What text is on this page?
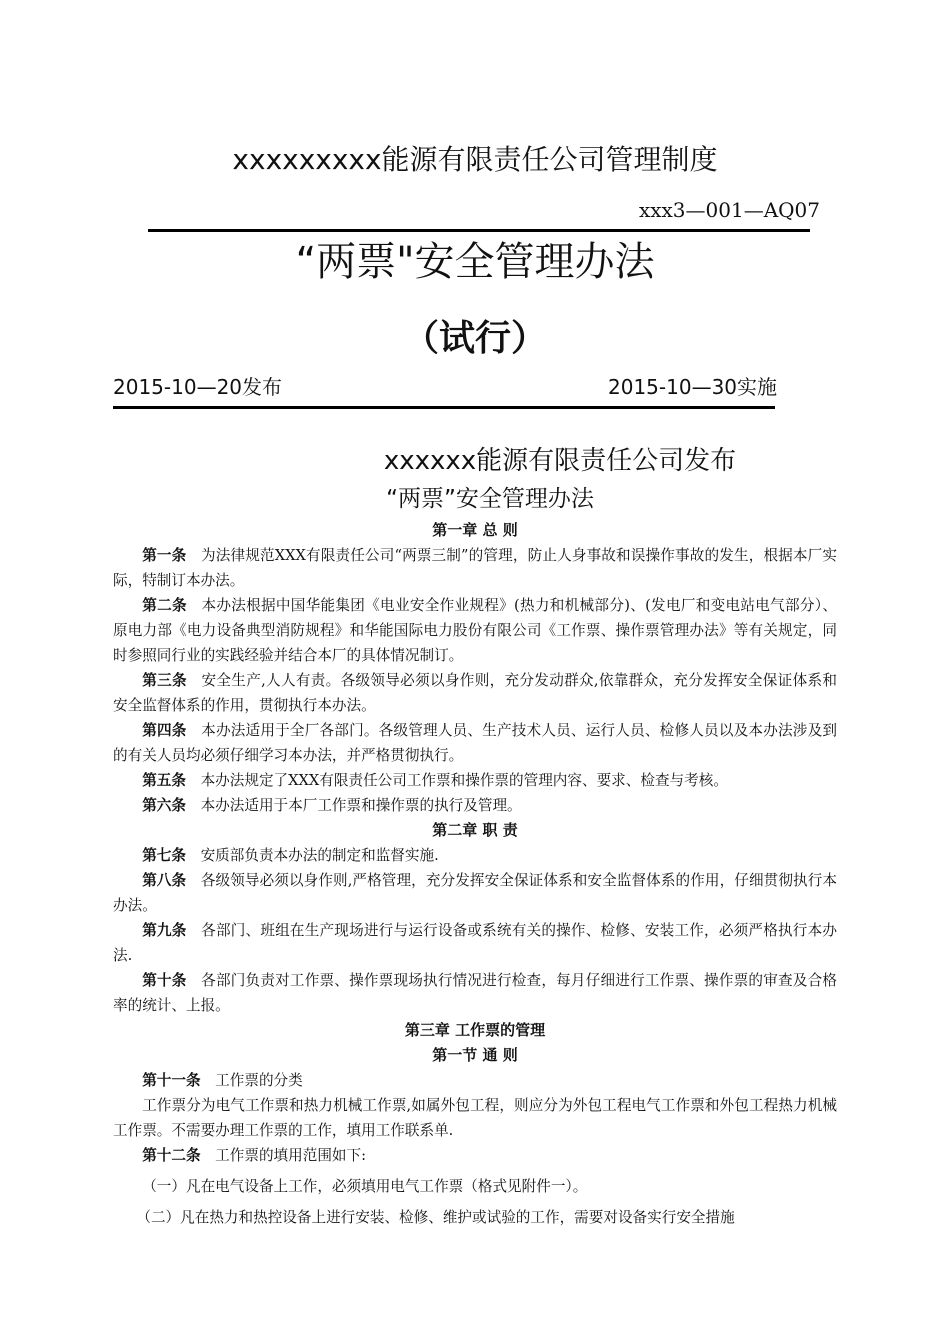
xxxxxxxxx能源有限责任公司管理制度
xxx3—001—AQ07
“两票"安全管理办法
（试行）
2015-10—20发布	2015-10—30实施
xxxxxx能源有限责任公司发布
“两票”安全管理办法
第一章 总 则

第一条 为法律规范XXX有限责任公司“两票三制”的管理，防止人身事故和误操作事故的发生，根据本厂实际，特制订本办法。

第二条 本办法根据中国华能集团《电业安全作业规程》(热力和机械部分)、(发电厂和变电站电气部分）、原电力部《电力设备典型消防规程》和华能国际电力股份有限公司《工作票、操作票管理办法》等有关规定，同时参照同行业的实践经验并结合本厂的具体情况制订。

第三条 安全生产,人人有责。各级领导必须以身作则，充分发动群众,依靠群众，充分发挥安全保证体系和安全监督体系的作用，贯彻执行本办法。

第四条 本办法适用于全厂各部门。各级管理人员、生产技术人员、运行人员、检修人员以及本办法涉及到的有关人员均必须仔细学习本办法，并严格贯彻执行。

第五条 本办法规定了XXX有限责任公司工作票和操作票的管理内容、要求、检查与考核。

第六条 本办法适用于本厂工作票和操作票的执行及管理。

第二章 职 责

第七条 安质部负责本办法的制定和监督实施.

第八条 各级领导必须以身作则,严格管理，充分发挥安全保证体系和安全监督体系的作用，仔细贯彻执行本办法。

第九条 各部门、班组在生产现场进行与运行设备或系统有关的操作、检修、安装工作，必须严格执行本办法.

第十条 各部门负责对工作票、操作票现场执行情况进行检查，每月仔细进行工作票、操作票的审查及合格率的统计、上报。

第三章 工作票的管理
第一节 通 则

第十一条 工作票的分类

工作票分为电气工作票和热力机械工作票,如属外包工程，则应分为外包工程电气工作票和外包工程热力机械工作票。不需要办理工作票的工作，填用工作联系单.

第十二条 工作票的填用范围如下:

（一）凡在电气设备上工作，必须填用电气工作票（格式见附件一）。

（二）凡在热力和热控设备上进行安装、检修、维护或试验的工作，需要对设备实行安全措施
